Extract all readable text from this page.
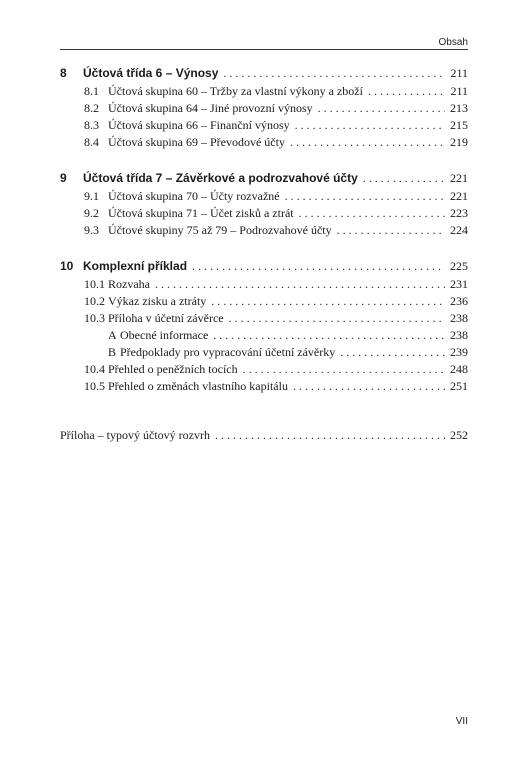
Obsah
8	Účtová třída 6 – Výnosy . . .	211
8.1 Účtová skupina 60 – Tržby za vlastní výkony a zboží . . .	211
8.2 Účtová skupina 64 – Jiné provozní výnosy . . .	213
8.3 Účtová skupina 66 – Finanční výnosy . . .	215
8.4 Účtová skupina 69 – Převodové účty . . .	219
9	Účtová třída 7 – Závěrkové a podrozvahové účty . . .	221
9.1 Účtová skupina 70 – Účty rozvažné . . .	221
9.2 Účtová skupina 71 – Účet zisků a ztrát . . .	223
9.3 Účtové skupiny 75 až 79 – Podrozvahové účty . . .	224
10 Komplexní příklad . . .	225
10.1 Rozvaha . . .	231
10.2 Výkaz zisku a ztráty . . .	236
10.3 Příloha v účetní závěrce . . .	238
A Obecné informace . . .	238
B Předpoklady pro vypracování účetní závěrky . . .	239
10.4 Přehled o peněžních tocích . . .	248
10.5 Přehled o změnách vlastního kapitálu . . .	251
Příloha – typový účtový rozvrh . . .	252
VII
